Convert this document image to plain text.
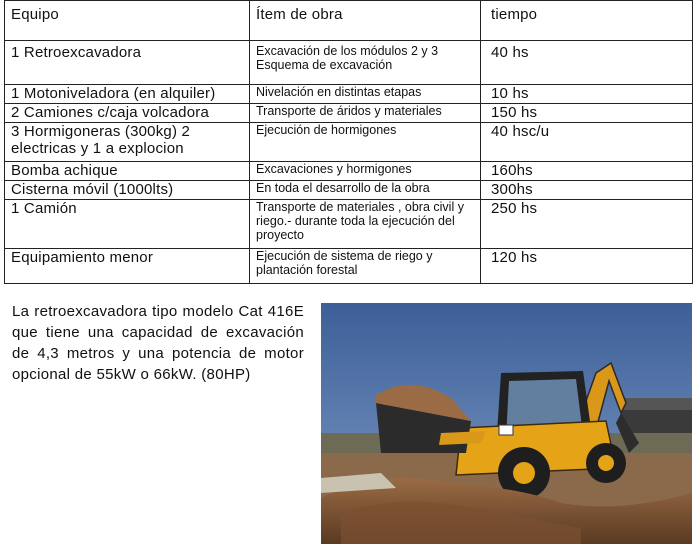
Equipo	Ítem de obra	tiempo
1 Retroexcavadora	Excavación de los módulos 2 y 3 Esquema de excavación	40 hs
1 Motoniveladora (en alquiler)	Nivelación en distintas etapas	10 hs
2 Camiones c/caja volcadora	Transporte de áridos y materiales	150 hs
3 Hormigoneras (300kg) 2 electricas y 1 a explocion	Ejecución de hormigones	40 hsc/u
Bomba achique	Excavaciones y hormigones	160hs
Cisterna móvil (1000lts)	En toda el desarrollo de la obra	300hs
1 Camión	Transporte de materiales , obra civil y riego.- durante toda la ejecución del proyecto	250 hs
Equipamiento menor	Ejecución de sistema de riego y plantación forestal	120 hs
La retroexcavadora tipo modelo Cat 416E que tiene una capacidad de excavación de 4,3 metros y una potencia de motor opcional de 55kW o 66kW. (80HP)
